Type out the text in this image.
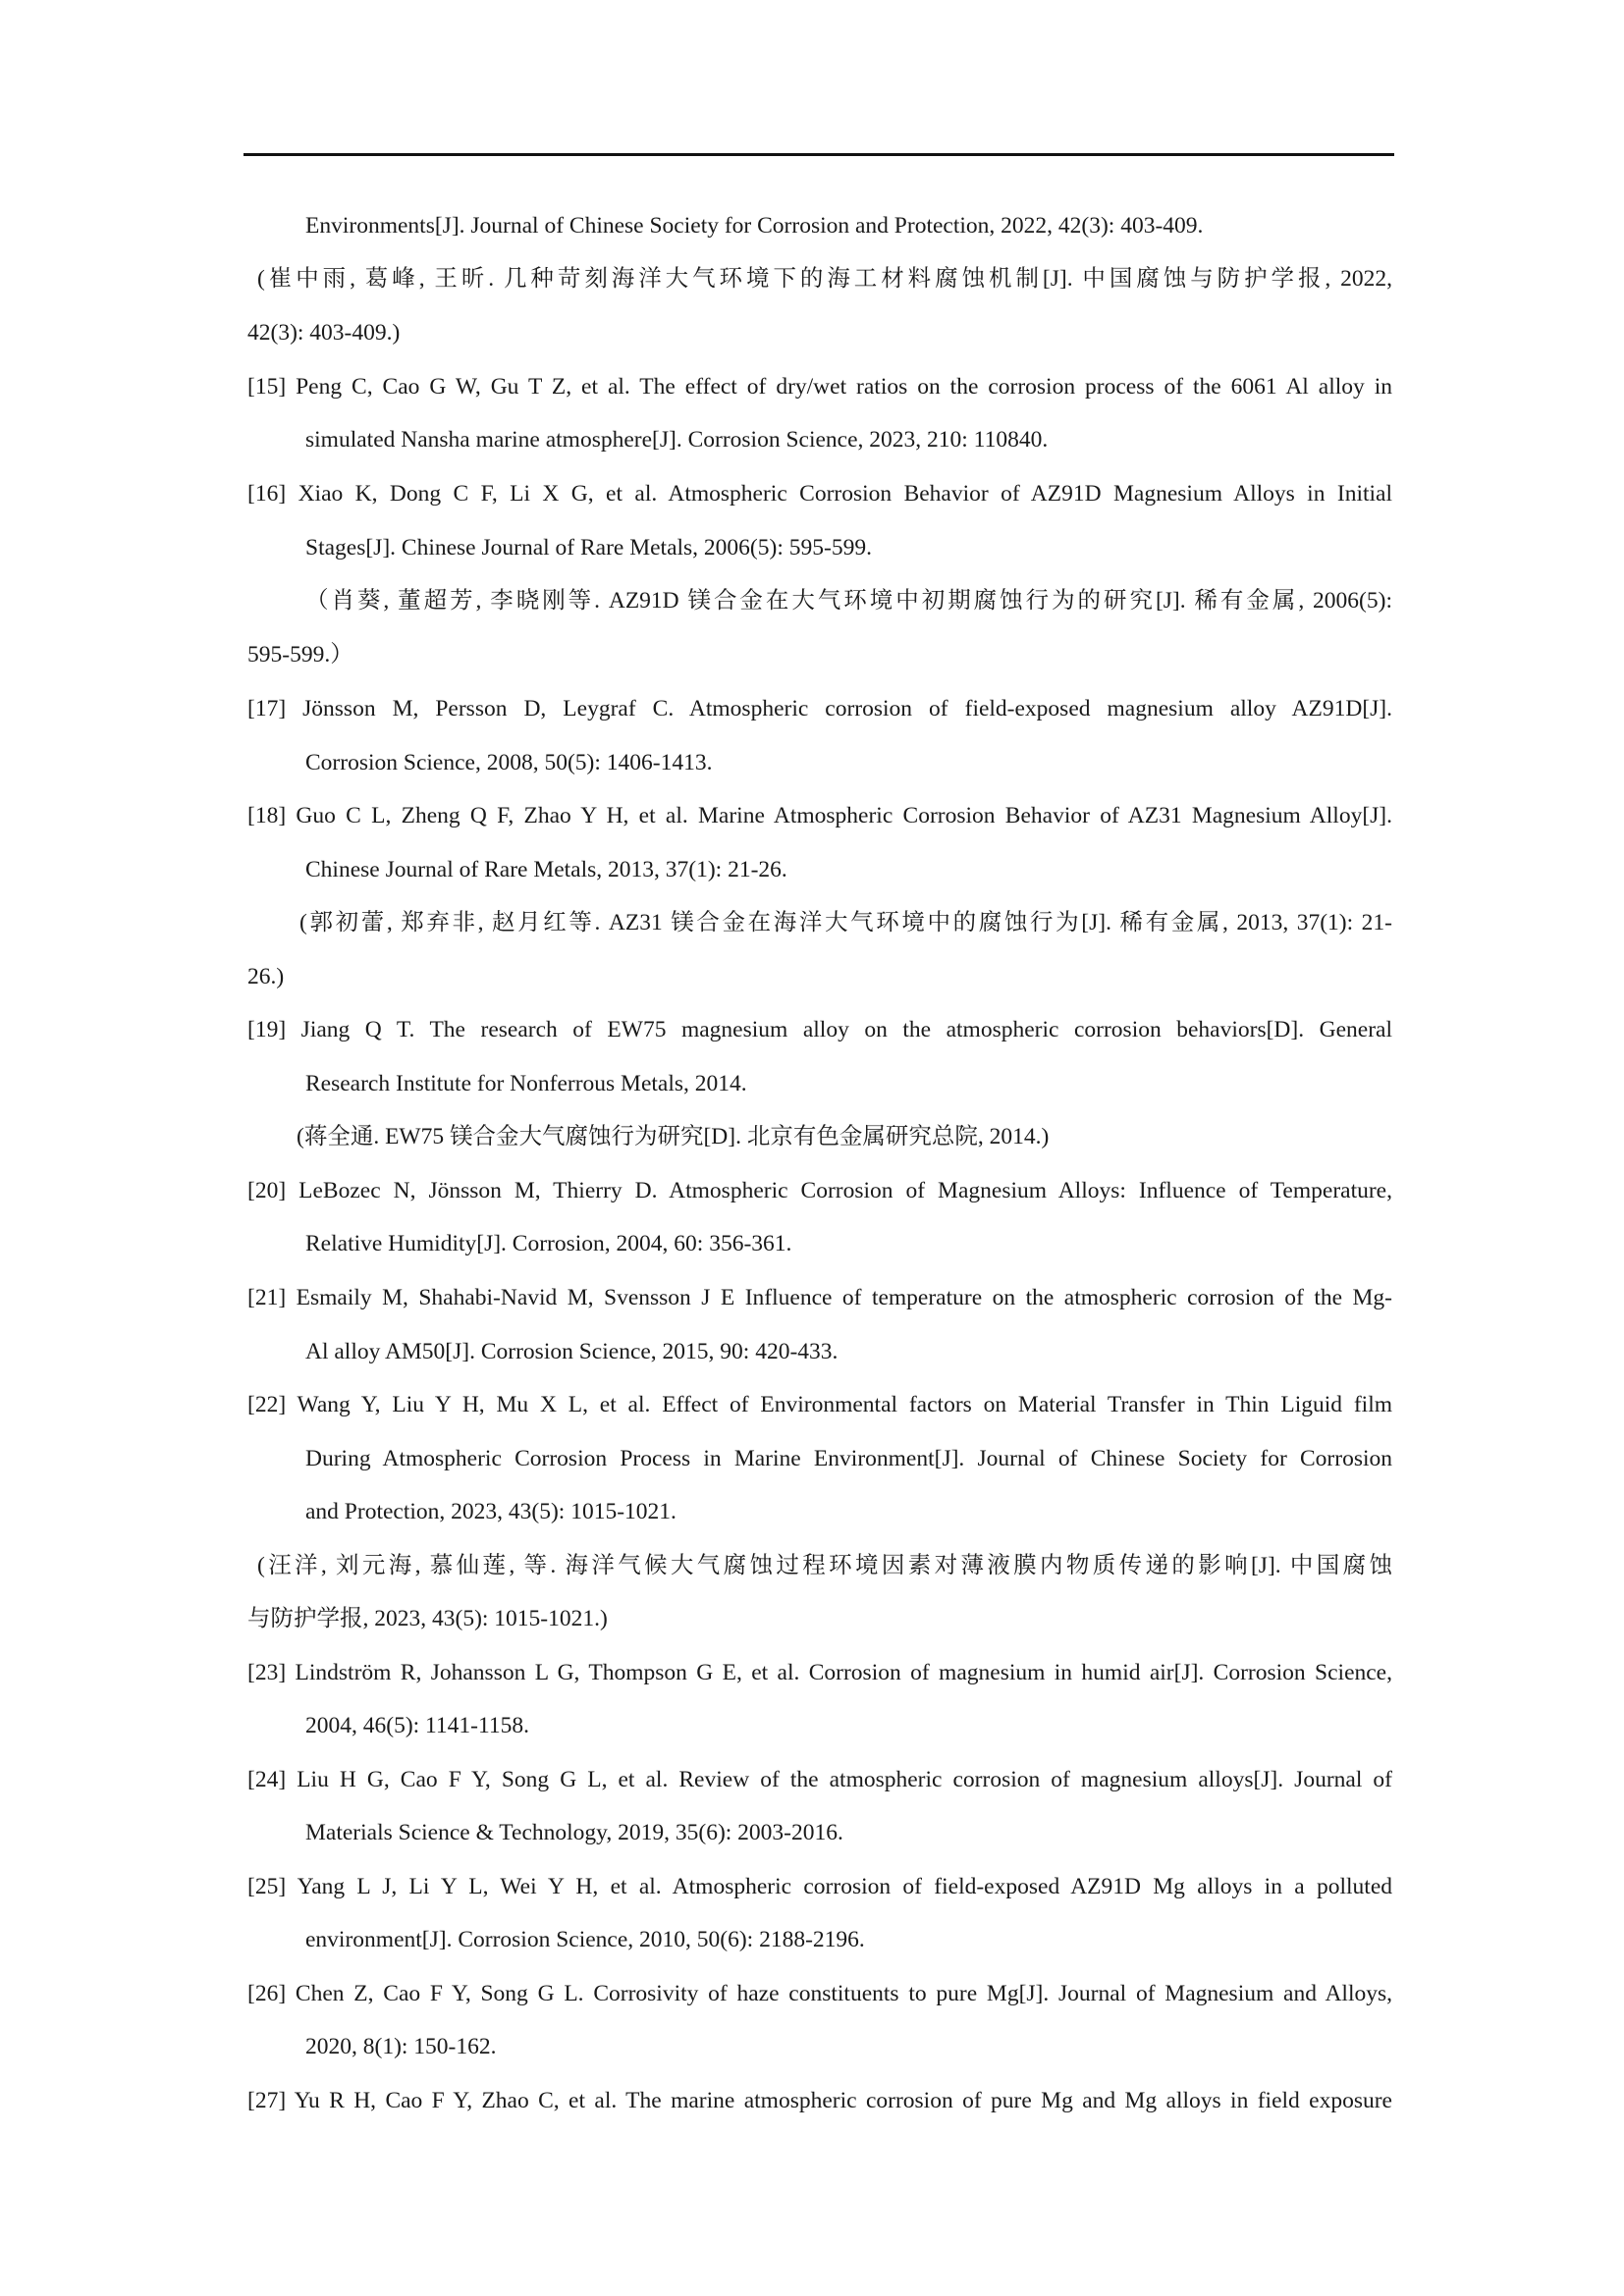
Environments[J]. Journal of Chinese Society for Corrosion and Protection, 2022, 42(3): 403-409.
(崔中雨, 葛峰, 王昕. 几种苛刻海洋大气环境下的海工材料腐蚀机制[J]. 中国腐蚀与防护学报, 2022,
42(3): 403-409.)
[15] Peng C, Cao G W, Gu T Z, et al. The effect of dry/wet ratios on the corrosion process of the 6061 Al alloy in
simulated Nansha marine atmosphere[J]. Corrosion Science, 2023, 210: 110840.
[16] Xiao K, Dong C F, Li X G, et al. Atmospheric Corrosion Behavior of AZ91D Magnesium Alloys in Initial
Stages[J]. Chinese Journal of Rare Metals, 2006(5): 595-599.
（肖葵, 董超芳, 李晓刚等. AZ91D 镁合金在大气环境中初期腐蚀行为的研究[J]. 稀有金属, 2006(5):
595-599.）
[17] Jönsson M, Persson D, Leygraf C. Atmospheric corrosion of field-exposed magnesium alloy AZ91D[J].
Corrosion Science, 2008, 50(5): 1406-1413.
[18] Guo C L, Zheng Q F, Zhao Y H, et al. Marine Atmospheric Corrosion Behavior of AZ31 Magnesium Alloy[J].
Chinese Journal of Rare Metals, 2013, 37(1): 21-26.
(郭初蕾, 郑弃非, 赵月红等. AZ31 镁合金在海洋大气环境中的腐蚀行为[J]. 稀有金属, 2013, 37(1): 21-
26.)
[19] Jiang Q T. The research of EW75 magnesium alloy on the atmospheric corrosion behaviors[D]. General
Research Institute for Nonferrous Metals, 2014.
(蒋全通. EW75 镁合金大气腐蚀行为研究[D]. 北京有色金属研究总院, 2014.)
[20] LeBozec N, Jönsson M, Thierry D. Atmospheric Corrosion of Magnesium Alloys: Influence of Temperature,
Relative Humidity[J]. Corrosion, 2004, 60: 356-361.
[21] Esmaily M, Shahabi-Navid M, Svensson J E Influence of temperature on the atmospheric corrosion of the Mg-
Al alloy AM50[J]. Corrosion Science, 2015, 90: 420-433.
[22] Wang Y, Liu Y H, Mu X L, et al. Effect of Environmental factors on Material Transfer in Thin Liguid film
During Atmospheric Corrosion Process in Marine Environment[J]. Journal of Chinese Society for Corrosion
and Protection, 2023, 43(5): 1015-1021.
(汪洋, 刘元海, 慕仙莲, 等. 海洋气候大气腐蚀过程环境因素对薄液膜内物质传递的影响[J]. 中国腐蚀
与防护学报, 2023, 43(5): 1015-1021.)
[23] Lindström R, Johansson L G, Thompson G E, et al. Corrosion of magnesium in humid air[J]. Corrosion Science,
2004, 46(5): 1141-1158.
[24] Liu H G, Cao F Y, Song G L, et al. Review of the atmospheric corrosion of magnesium alloys[J]. Journal of
Materials Science & Technology, 2019, 35(6): 2003-2016.
[25] Yang L J, Li Y L, Wei Y H, et al. Atmospheric corrosion of field-exposed AZ91D Mg alloys in a polluted
environment[J]. Corrosion Science, 2010, 50(6): 2188-2196.
[26] Chen Z, Cao F Y, Song G L. Corrosivity of haze constituents to pure Mg[J]. Journal of Magnesium and Alloys,
2020, 8(1): 150-162.
[27] Yu R H, Cao F Y, Zhao C, et al. The marine atmospheric corrosion of pure Mg and Mg alloys in field exposure
